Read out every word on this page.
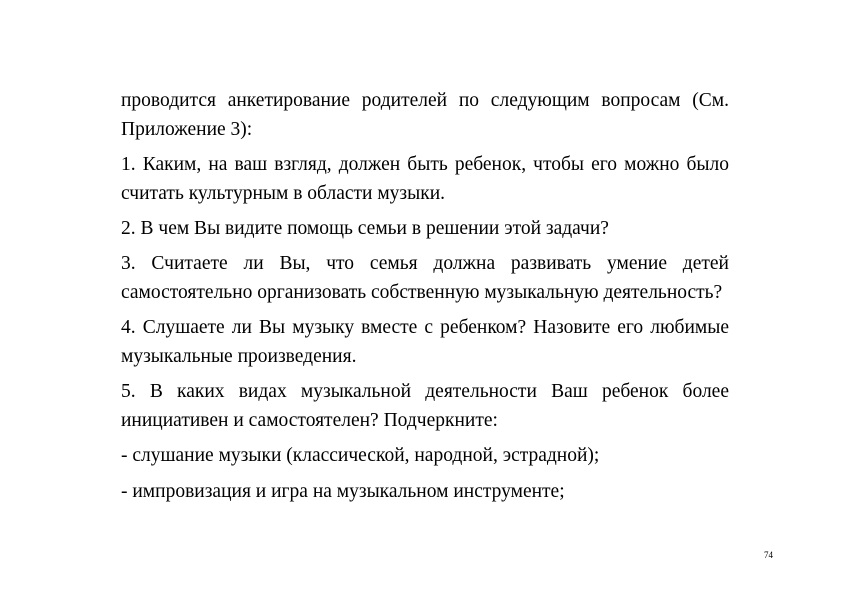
проводится анкетирование родителей по следующим вопросам (См. Приложение 3):

1. Каким, на ваш взгляд, должен быть ребенок, чтобы его можно было считать культурным в области музыки.

2. В чем Вы видите помощь семьи в решении этой задачи?

3. Считаете ли Вы, что семья должна развивать умение детей самостоятельно организовать собственную музыкальную деятельность?

4. Слушаете ли Вы музыку вместе с ребенком? Назовите его любимые музыкальные произведения.

5. В каких видах музыкальной деятельности Ваш ребенок более инициативен и самостоятелен? Подчеркните:

- слушание музыки (классической, народной, эстрадной);

- импровизация и игра на музыкальном инструменте;

74
